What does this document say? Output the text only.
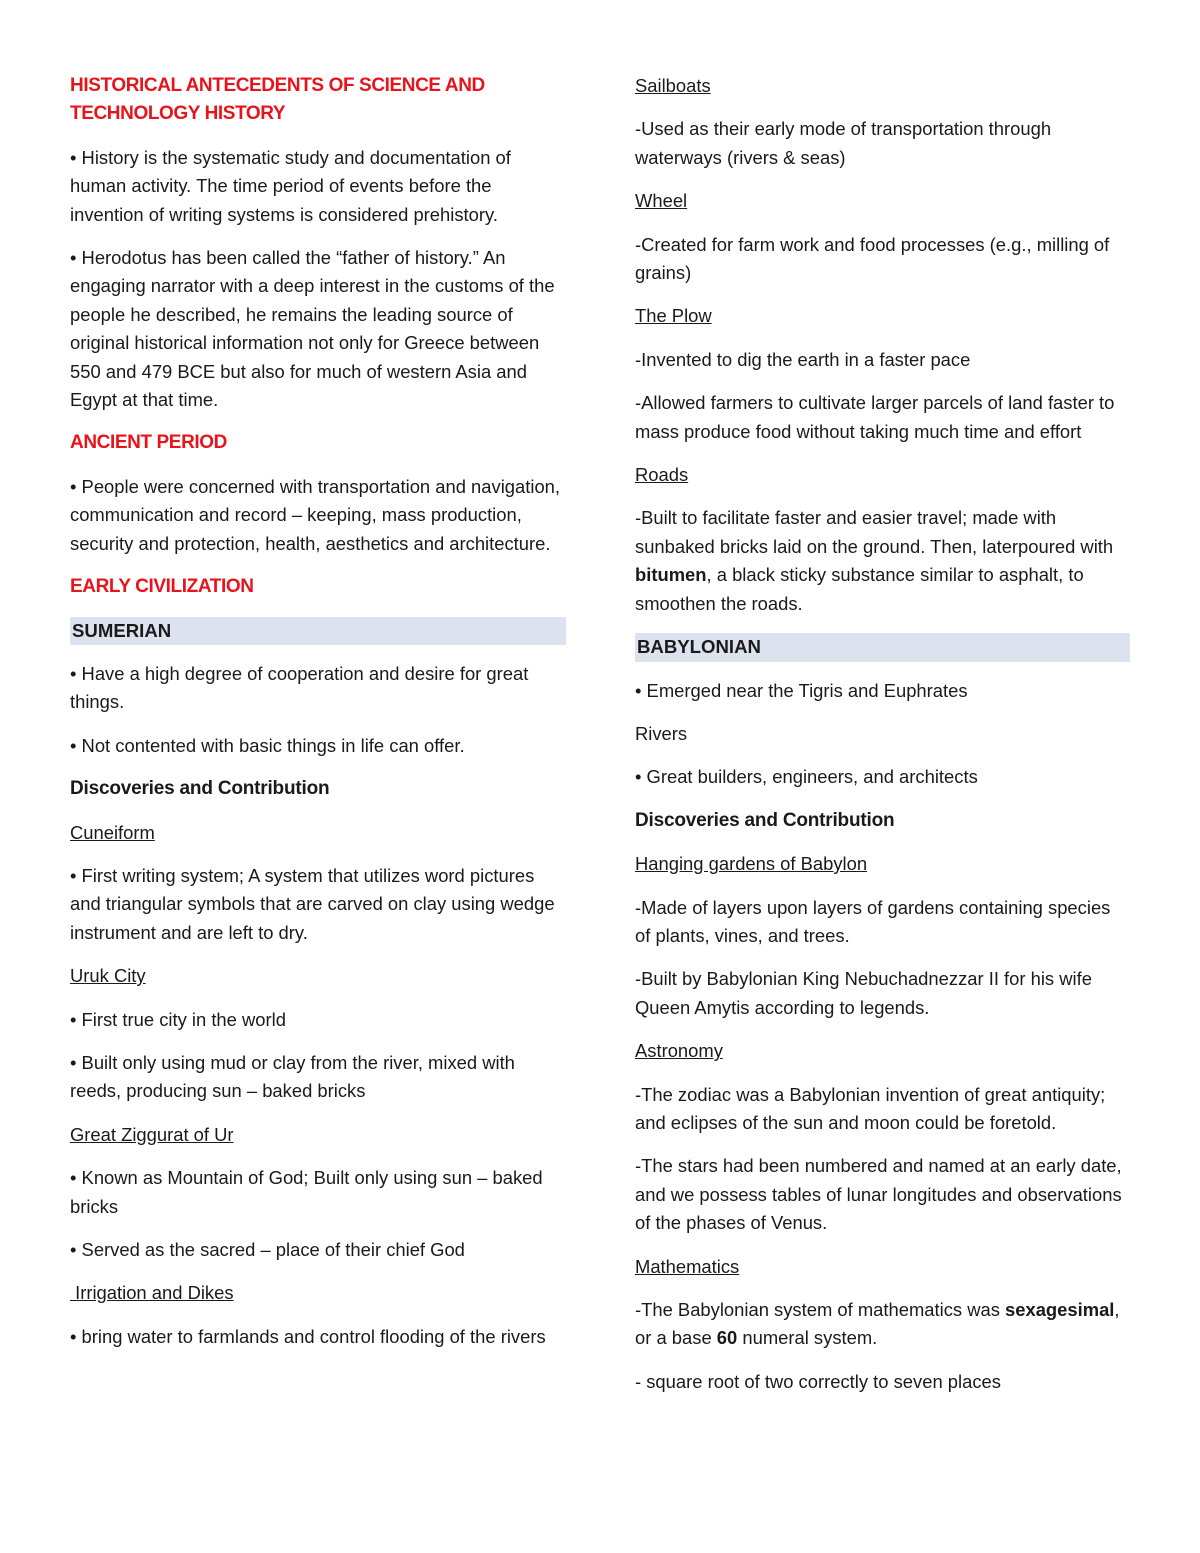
HISTORICAL ANTECEDENTS OF SCIENCE AND TECHNOLOGY HISTORY

• History is the systematic study and documentation of human activity. The time period of events before the invention of writing systems is considered prehistory.

• Herodotus has been called the “father of history.” An engaging narrator with a deep interest in the customs of the people he described, he remains the leading source of original historical information not only for Greece between 550 and 479 BCE but also for much of western Asia and Egypt at that time.

ANCIENT PERIOD

• People were concerned with transportation and navigation, communication and record – keeping, mass production, security and protection, health, aesthetics and architecture.

EARLY CIVILIZATION

SUMERIAN

• Have a high degree of cooperation and desire for great things.

• Not contented with basic things in life can offer.

Discoveries and Contribution

Cuneiform

• First writing system; A system that utilizes word pictures and triangular symbols that are carved on clay using wedge instrument and are left to dry.

Uruk City

• First true city in the world

• Built only using mud or clay from the river, mixed with reeds, producing sun – baked bricks

Great Ziggurat of Ur

• Known as Mountain of God; Built only using sun – baked bricks

• Served as the sacred – place of their chief God

Irrigation and Dikes

• bring water to farmlands and control flooding of the rivers

Sailboats

-Used as their early mode of transportation through waterways (rivers & seas)

Wheel

-Created for farm work and food processes (e.g., milling of grains)

The Plow

-Invented to dig the earth in a faster pace

-Allowed farmers to cultivate larger parcels of land faster to mass produce food without taking much time and effort

Roads

-Built to facilitate faster and easier travel; made with sunbaked bricks laid on the ground. Then, laterpoured with bitumen, a black sticky substance similar to asphalt, to smoothen the roads.

BABYLONIAN

• Emerged near the Tigris and Euphrates

Rivers

• Great builders, engineers, and architects

Discoveries and Contribution

Hanging gardens of Babylon

-Made of layers upon layers of gardens containing species of plants, vines, and trees.

-Built by Babylonian King Nebuchadnezzar II for his wife Queen Amytis according to legends.

Astronomy

-The zodiac was a Babylonian invention of great antiquity; and eclipses of the sun and moon could be foretold.

-The stars had been numbered and named at an early date, and we possess tables of lunar longitudes and observations of the phases of Venus.

Mathematics

-The Babylonian system of mathematics was sexagesimal, or a base 60 numeral system.

- square root of two correctly to seven places
